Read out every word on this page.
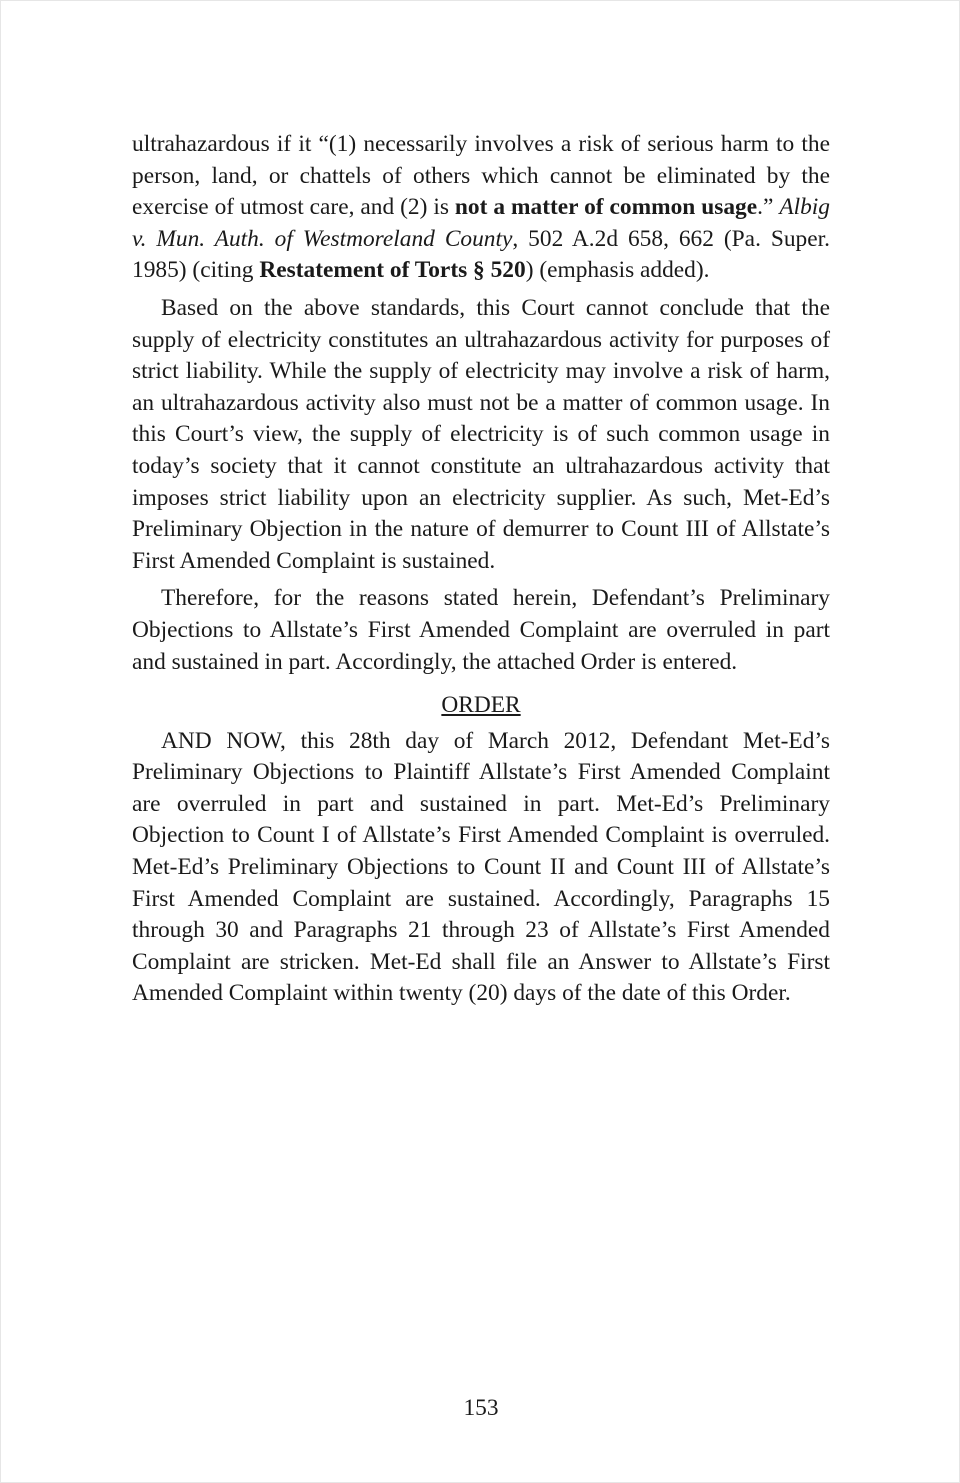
ultrahazardous if it “(1) necessarily involves a risk of serious harm to the person, land, or chattels of others which cannot be eliminated by the exercise of utmost care, and (2) is not a matter of common usage.” Albig v. Mun. Auth. of Westmoreland County, 502 A.2d 658, 662 (Pa. Super. 1985) (citing Restatement of Torts § 520) (emphasis added).

Based on the above standards, this Court cannot conclude that the supply of electricity constitutes an ultrahazardous activity for purposes of strict liability. While the supply of electricity may involve a risk of harm, an ultrahazardous activity also must not be a matter of common usage. In this Court’s view, the supply of electricity is of such common usage in today’s society that it cannot constitute an ultrahazardous activity that imposes strict liability upon an electricity supplier. As such, Met-Ed’s Preliminary Objection in the nature of demurrer to Count III of Allstate’s First Amended Complaint is sustained.

Therefore, for the reasons stated herein, Defendant’s Preliminary Objections to Allstate’s First Amended Complaint are overruled in part and sustained in part. Accordingly, the attached Order is entered.

ORDER

AND NOW, this 28th day of March 2012, Defendant Met-Ed’s Preliminary Objections to Plaintiff Allstate’s First Amended Complaint are overruled in part and sustained in part. Met-Ed’s Preliminary Objection to Count I of Allstate’s First Amended Complaint is overruled. Met-Ed’s Preliminary Objections to Count II and Count III of Allstate’s First Amended Complaint are sustained. Accordingly, Paragraphs 15 through 30 and Paragraphs 21 through 23 of Allstate’s First Amended Complaint are stricken. Met-Ed shall file an Answer to Allstate’s First Amended Complaint within twenty (20) days of the date of this Order.

153
